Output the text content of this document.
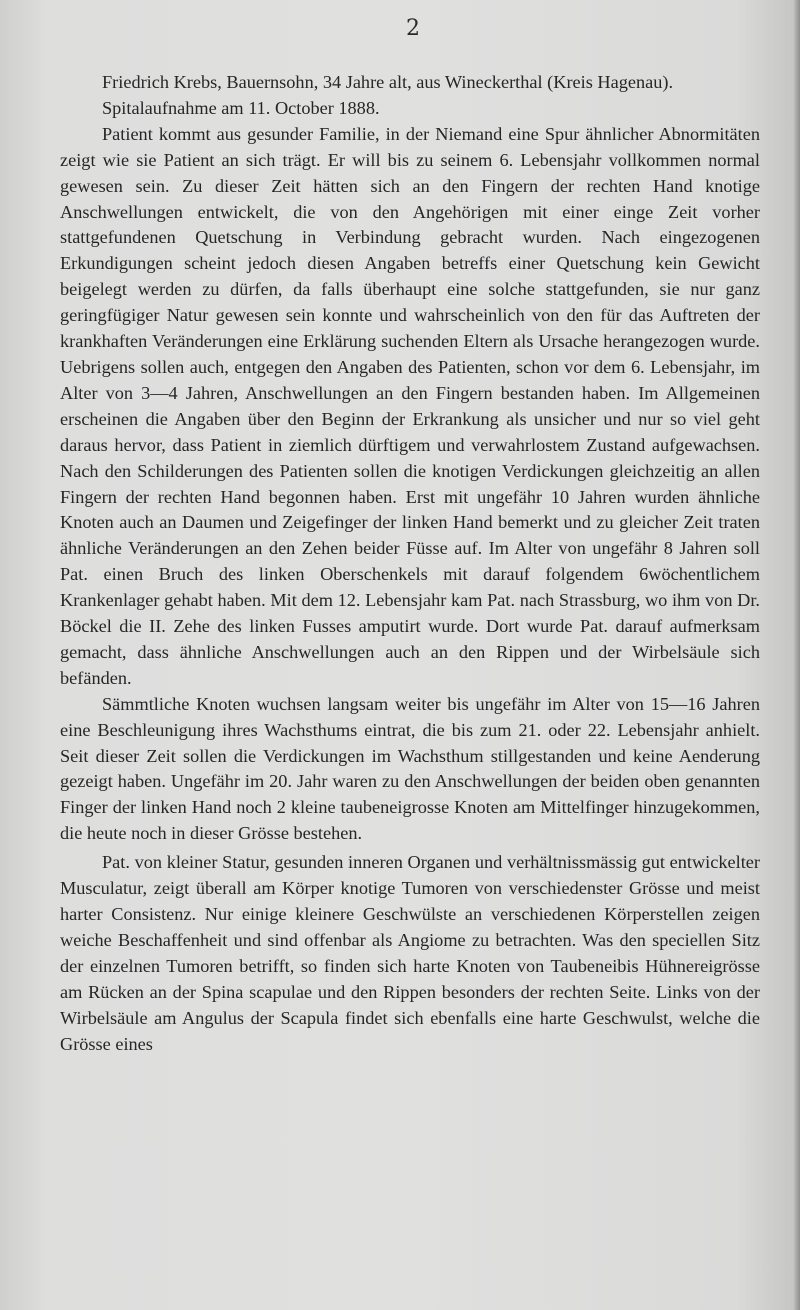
2

Friedrich Krebs, Bauernsohn, 34 Jahre alt, aus Wineckerthal (Kreis Hagenau).

Spitalaufnahme am 11. October 1888.

Patient kommt aus gesunder Familie, in der Niemand eine Spur ähnlicher Abnormitäten zeigt wie sie Patient an sich trägt. Er will bis zu seinem 6. Lebensjahr vollkommen normal gewesen sein. Zu dieser Zeit hätten sich an den Fingern der rechten Hand knotige Anschwellungen entwickelt, die von den Angehörigen mit einer einge Zeit vorher stattgefundenen Quetschung in Verbindung gebracht wurden. Nach eingezogenen Erkundigungen scheint jedoch diesen Angaben betreffs einer Quetschung kein Gewicht beigelegt werden zu dürfen, da falls überhaupt eine solche stattgefunden, sie nur ganz geringfügiger Natur gewesen sein konnte und wahrscheinlich von den für das Auftreten der krankhaften Veränderungen eine Erklärung suchenden Eltern als Ursache herangezogen wurde. Uebrigens sollen auch, entgegen den Angaben des Patienten, schon vor dem 6. Lebensjahr, im Alter von 3—4 Jahren, Anschwellungen an den Fingern bestanden haben. Im Allgemeinen erscheinen die Angaben über den Beginn der Erkrankung als unsicher und nur so viel geht daraus hervor, dass Patient in ziemlich dürftigem und verwahrlostem Zustand aufgewachsen. Nach den Schilderungen des Patienten sollen die knotigen Verdickungen gleichzeitig an allen Fingern der rechten Hand begonnen haben. Erst mit ungefähr 10 Jahren wurden ähnliche Knoten auch an Daumen und Zeigefinger der linken Hand bemerkt und zu gleicher Zeit traten ähnliche Veränderungen an den Zehen beider Füsse auf. Im Alter von ungefähr 8 Jahren soll Pat. einen Bruch des linken Oberschenkels mit darauf folgendem 6wöchentlichem Krankenlager gehabt haben. Mit dem 12. Lebensjahr kam Pat. nach Strassburg, wo ihm von Dr. Böckel die II. Zehe des linken Fusses amputirt wurde. Dort wurde Pat. darauf aufmerksam gemacht, dass ähnliche Anschwellungen auch an den Rippen und der Wirbelsäule sich befänden.

Sämmtliche Knoten wuchsen langsam weiter bis ungefähr im Alter von 15—16 Jahren eine Beschleunigung ihres Wachsthums eintrat, die bis zum 21. oder 22. Lebensjahr anhielt. Seit dieser Zeit sollen die Verdickungen im Wachsthum stillgestanden und keine Aenderung gezeigt haben. Ungefähr im 20. Jahr waren zu den Anschwellungen der beiden oben genannten Finger der linken Hand noch 2 kleine taubeneigrosse Knoten am Mittelfinger hinzugekommen, die heute noch in dieser Grösse bestehen.

Pat. von kleiner Statur, gesunden inneren Organen und verhältnissmässig gut entwickelter Musculatur, zeigt überall am Körper knotige Tumoren von verschiedenster Grösse und meist harter Consistenz. Nur einige kleinere Geschwülste an verschiedenen Körperstellen zeigen weiche Beschaffenheit und sind offenbar als Angiome zu betrachten. Was den speciellen Sitz der einzelnen Tumoren betrifft, so finden sich harte Knoten von Taubeneibis Hühnereigrösse am Rücken an der Spina scapulae und den Rippen besonders der rechten Seite. Links von der Wirbelsäule am Angulus der Scapula findet sich ebenfalls eine harte Geschwulst, welche die Grösse eines
